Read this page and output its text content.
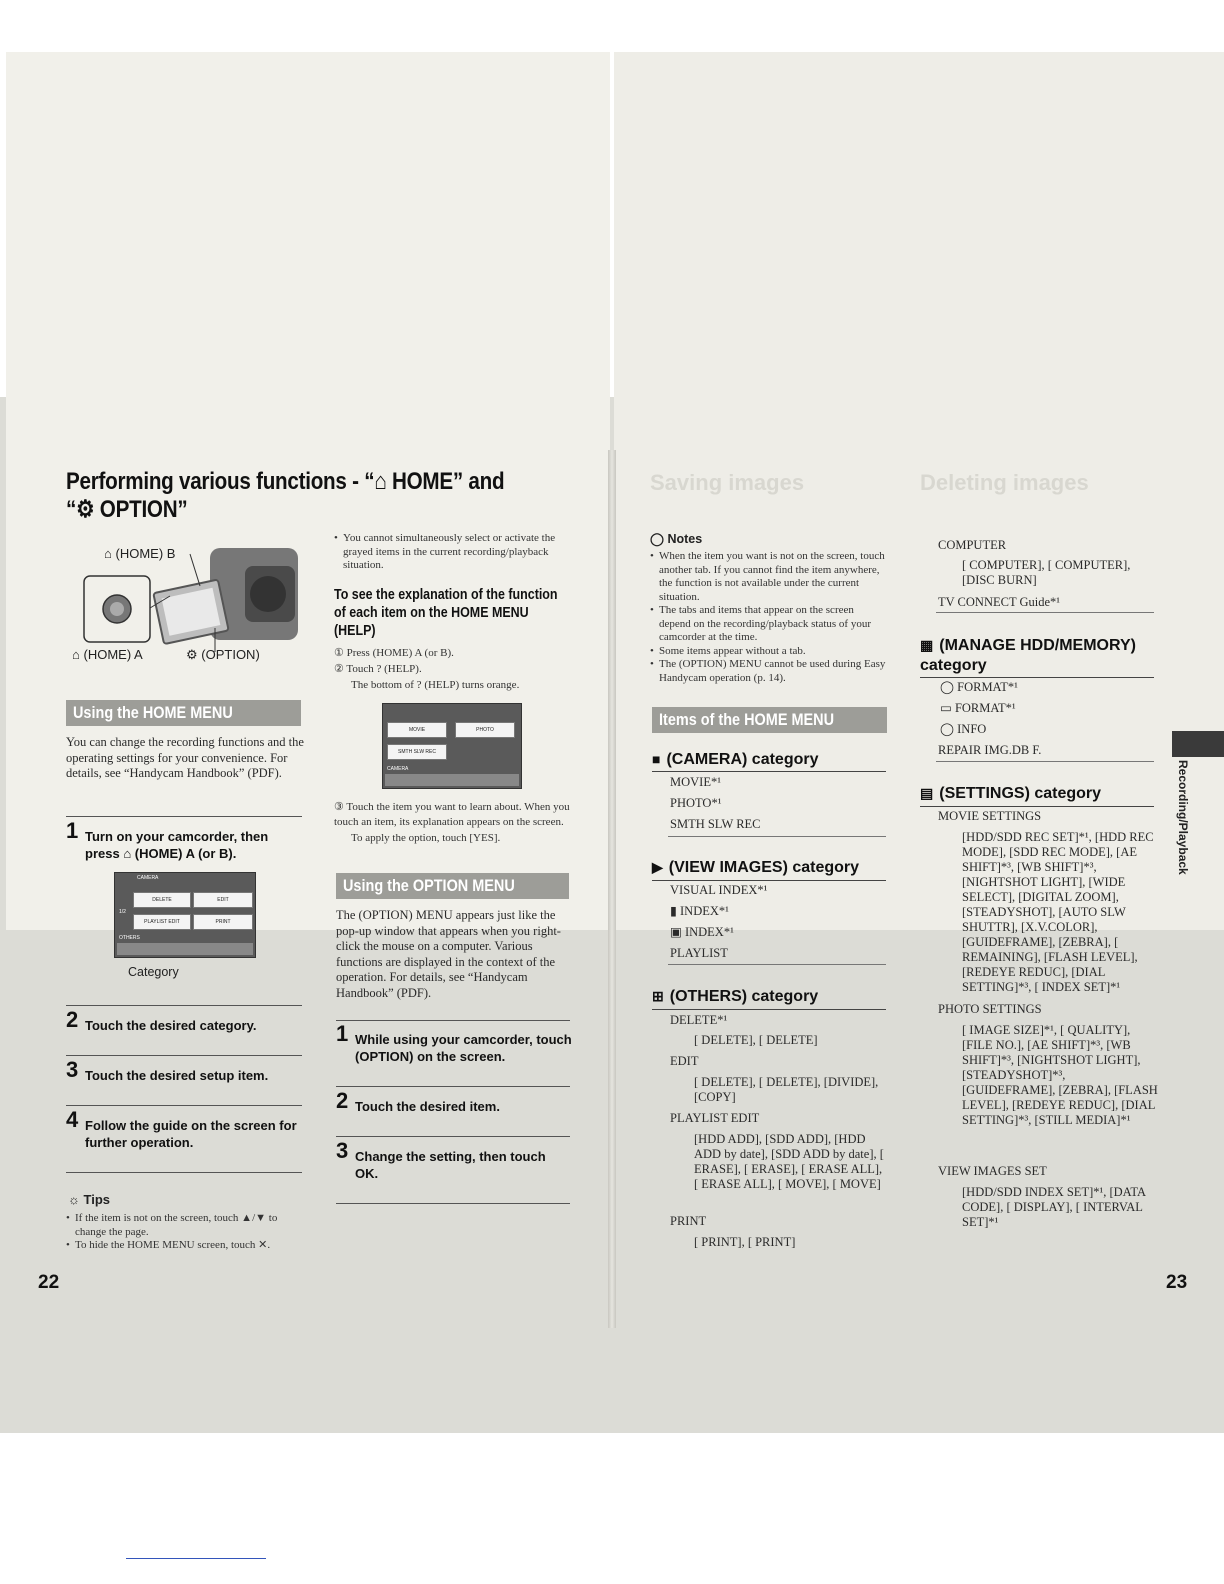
Performing various functions - “⌂ HOME” and
“⚙ OPTION”
⌂ (HOME) B
⌂ (HOME) A	⚙ (OPTION)
Using the HOME MENU
You can change the recording functions and the operating settings for your convenience. For details, see “Handycam Handbook” (PDF).
1 Turn on your camcorder, then press ⌂ (HOME) A (or B).
CAMERA
DELETE	EDIT
PLAYLIST EDIT	PRINT
1/2
OTHERS
Category
2 Touch the desired category.
3 Touch the desired setup item.
4 Follow the guide on the screen for further operation.
☼ Tips
• If the item is not on the screen, touch ▲/▼ to change the page.
• To hide the HOME MENU screen, touch ✕.
• You cannot simultaneously select or activate the grayed items in the current recording/playback situation.
To see the explanation of the function of each item on the HOME MENU (HELP)
① Press (HOME) A (or B).
② Touch ? (HELP).
The bottom of ? (HELP) turns orange.
MOVIE	PHOTO
SMTH SLW REC
CAMERA
③ Touch the item you want to learn about. When you touch an item, its explanation appears on the screen.
To apply the option, touch [YES].
Using the OPTION MENU
The (OPTION) MENU appears just like the pop-up window that appears when you right-click the mouse on a computer. Various functions are displayed in the context of the operation. For details, see “Handycam Handbook” (PDF).
1 While using your camcorder, touch (OPTION) on the screen.
2 Touch the desired item.
3 Change the setting, then touch OK.
22
Saving images	Deleting images
◯ Notes
• When the item you want is not on the screen, touch another tab. If you cannot find the item anywhere, the function is not available under the current situation.
• The tabs and items that appear on the screen depend on the recording/playback status of your camcorder at the time.
• Some items appear without a tab.
• The (OPTION) MENU cannot be used during Easy Handycam operation (p. 14).
Items of the HOME MENU
■ (CAMERA) category
MOVIE*¹
PHOTO*¹
SMTH SLW REC
▶ (VIEW IMAGES) category
VISUAL INDEX*¹
▮ INDEX*¹
▣ INDEX*¹
PLAYLIST
⊞ (OTHERS) category
DELETE*¹
[ DELETE], [ DELETE]
EDIT
[ DELETE], [ DELETE], [DIVIDE], [COPY]
PLAYLIST EDIT
[HDD ADD], [SDD ADD], [HDD ADD by date], [SDD ADD by date], [ ERASE], [ ERASE], [ ERASE ALL], [ ERASE ALL], [ MOVE], [ MOVE]
PRINT
[ PRINT], [ PRINT]
COMPUTER
[ COMPUTER], [ COMPUTER], [DISC BURN]
TV CONNECT Guide*¹
▦ (MANAGE HDD/MEMORY) category
◯ FORMAT*¹
▭ FORMAT*¹
◯ INFO
REPAIR IMG.DB F.
▤ (SETTINGS) category
MOVIE SETTINGS
[HDD/SDD REC SET]*¹, [HDD REC MODE], [SDD REC MODE], [AE SHIFT]*³, [WB SHIFT]*³, [NIGHTSHOT LIGHT], [WIDE SELECT], [DIGITAL ZOOM], [STEADYSHOT], [AUTO SLW SHUTTR], [X.V.COLOR], [GUIDEFRAME], [ZEBRA], [ REMAINING], [FLASH LEVEL], [REDEYE REDUC], [DIAL SETTING]*³, [ INDEX SET]*¹
PHOTO SETTINGS
[ IMAGE SIZE]*¹, [ QUALITY], [FILE NO.], [AE SHIFT]*³, [WB SHIFT]*³, [NIGHTSHOT LIGHT], [STEADYSHOT]*³, [GUIDEFRAME], [ZEBRA], [FLASH LEVEL], [REDEYE REDUC], [DIAL SETTING]*³, [STILL MEDIA]*¹
VIEW IMAGES SET
[HDD/SDD INDEX SET]*¹, [DATA CODE], [ DISPLAY], [ INTERVAL SET]*¹
Recording/Playback
23
